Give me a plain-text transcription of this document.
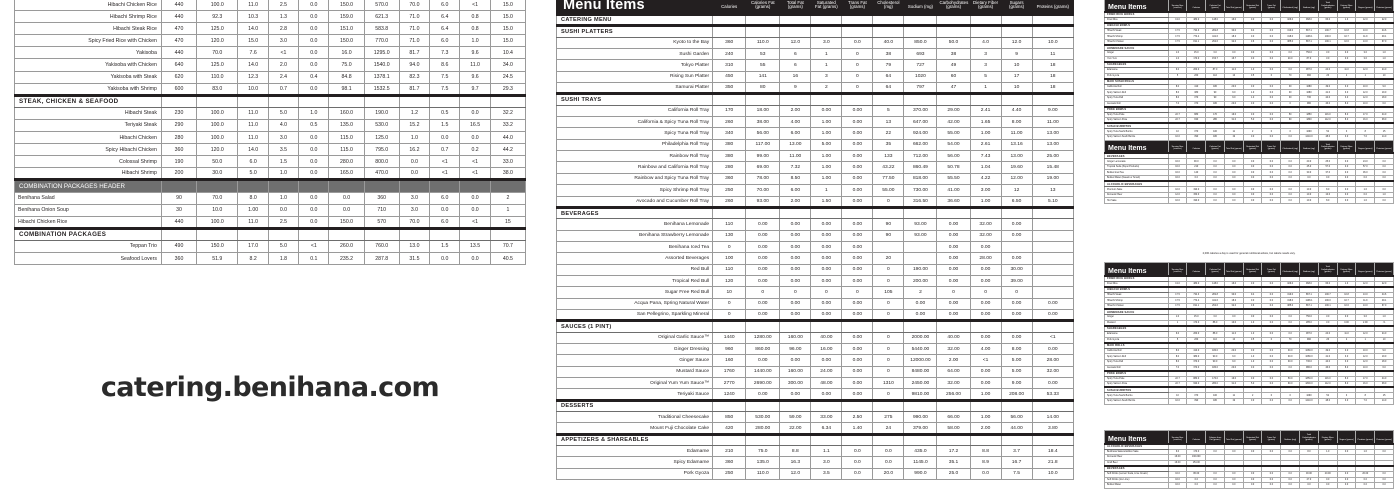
Hibachi Chicken Rice	440	100.0	11.0	2.5	0.0	150.0	570.0	70.0	6.0	<1	15.0
Hibachi Shrimp Rice	440	92.3	10.3	1.3	0.0	159.0	621.3	71.0	6.4	0.8	15.0
Hibachi Steak Rice	470	125.0	14.0	2.8	0.0	151.0	583.8	71.0	6.4	0.8	15.0
Spicy Fried Rice with Chicken	470	120.0	15.0	3.0	0.0	150.0	770.0	71.0	6.0	1.0	15.0
Yakisoba	440	70.0	7.6	<1	0.0	16.0	1295.0	81.7	7.3	9.6	10.4
Yakisoba with Chicken	640	125.0	14.0	2.0	0.0	75.0	1540.0	94.0	8.6	11.0	34.0
Yakisoba with Steak	620	110.0	12.3	2.4	0.4	84.8	1378.1	82.3	7.5	9.6	24.5
Yakisoba with Shrimp	600	83.0	10.0	0.7	0.0	98.1	1532.5	81.7	7.5	9.7	29.3
STEAK, CHICKEN & SEAFOOD											
Hibachi Steak	230	100.0	11.0	5.0	1.0	160.0	190.0	1.2	0.5	0.0	32.2
Teriyaki Steak	290	100.0	11.0	4.0	0.5	135.0	530.0	15.2	1.5	16.5	33.2
Hibachi Chicken	280	100.0	11.0	3.0	0.0	115.0	125.0	1.0	0.0	0.0	44.0
Spicy Hibachi Chicken	360	120.0	14.0	3.5	0.0	115.0	795.0	16.2	0.7	0.2	44.2
Colossal Shrimp	190	50.0	6.0	1.5	0.0	280.0	800.0	0.0	<1	<1	33.0
Hibachi Shrimp	200	30.0	5.0	1.0	0.0	165.0	470.0	0.0	<1	<1	38.0
COMBINATION PACKAGES HEADER											
Benihana Salad	90	70.0	8.0	1.0	0.0	0.0	360	3.0	6.0	0.0	2
Benihana Onion Soup	30	10.0	1.00	0.0	0.0	0.0	710	3.0	0.0	0.0	1
Hibachi Chicken Rice	440	100.0	11.0	2.5	0.0	150.0	570	70.0	6.0	<1	15
COMBINATION PACKAGES											
Teppan Trio	490	150.0	17.0	5.0	<1	260.0	760.0	13.0	1.5	13.5	70.7
Seafood Lovers	360	51.9	8.2	1.8	0.1	235.2	287.8	31.5	0.0	0.0	40.5
Menu Items	Calories	Calories Fat (grams)	Total Fat (grams)	Saturated Fat (grams)	Trans Fat (grams)	Cholesterol (mg)	Sodium (mg)	Carbohydrates (grams)	Dietary Fiber (grams)	Sugars (grams)	Proteins (grams)
CATERING MENU											
SUSHI PLATTERS											
Kyoto to the Bay	360	110.0	12.0	3.0	0.0	40.0	850.0	50.0	4.0	12.0	10.0
Sushi Garden	240	53	6	1	0	38	693	38	3	9	11
Tokyo Platter	310	55	6	1	0	79	727	49	3	10	18
Rising Sun Platter	450	141	16	3	0	64	1020	60	5	17	18
Samurai Platter	350	80	9	2	0	64	797	47	1	10	18
SUSHI TRAYS											
California Roll Tray	170	18.00	2.00	0.00	0.00	5	370.00	29.00	2.41	4.40	9.00
California & Spicy Tuna Roll Tray	260	38.00	4.00	1.00	0.00	13	647.00	42.00	1.65	8.00	11.00
Spicy Tuna Roll Tray	340	56.00	6.00	1.00	0.00	22	924.00	55.00	1.00	11.00	13.00
Philadelphia Roll Tray	380	117.00	13.00	5.00	0.00	35	662.00	54.00	2.61	13.16	13.00
Rainbow Roll Tray	380	99.00	11.00	1.00	0.00	133	712.00	56.00	7.43	13.00	25.00
Rainbow and California Roll Tray	280	69.00	7.32	1.00	0.00	43.22	860.49	50.78	1.04	19.60	15.48
Rainbow and Spicy Tuna Roll Tray	360	78.00	8.50	1.00	0.00	77.50	818.00	55.50	4.22	12.00	19.00
Spicy Shrimp Roll Tray	250	70.00	6.00	1	0.00	55.00	730.00	41.00	3.00	12	13
Avocado and Cucumber Roll Tray	260	93.00	2.00	1.50	0.00	0	316.50	36.60	1.00	6.50	5.10
BEVERAGES											
Benihana Lemonade	110	0.00	0.00	0.00	0.00	90	93.00	0.00	32.00	0.00	
Benihana Strawberry Lemonade	130	0.00	0.00	0.00	0.00	90	93.00	0.00	32.00	0.00	
Benihana Iced Tea	0	0.00	0.00	0.00	0.00			0.00	0.00		
Assorted Beverages	100	0.00	0.00	0.00	0.00	20		0.00	28.00	0.00	
Red Bull	110	0.00	0.00	0.00	0.00	0	190.00	0.00	0.00	30.00	
Tropical Red Bull	120	0.00	0.00	0.00	0.00	0	200.00	0.00	0.00	39.00	
Sugar Free Red Bull	10	0	0	0	0	105	2	0	0	0	
Acqua Pana, Spring Natural Water	0	0.00	0.00	0.00	0.00	0	0.00	0.00	0.00	0.00	0.00
San Pellegrino, Sparkling Mineral	0	0.00	0.00	0.00	0.00	0	0.00	0.00	0.00	0.00	0.00
SAUCES (1 PINT)											
Original Garlic Sauce™	1440	1280.00	160.00	40.00	0.00	0	2000.00	40.00	0.00	0.00	<1
Ginger Dressing	960	860.00	96.00	16.00	0.00	0	5440.00	32.00	4.00	8.00	0.00
Ginger Sauce	160	0.00	0.00	0.00	0.00	0	12000.00	2.00	<1	5.00	28.00
Mustard Sauce	1760	1440.00	160.00	24.00	0.00	0	8480.00	64.00	0.00	5.00	32.00
Original Yum Yum Sauce™	2770	2690.00	300.00	48.00	0.00	1310	2450.00	32.00	0.00	9.00	0.00
Teriyaki Sauce	1240	0.00	0.00	0.00	0.00	0	9810.00	256.00	1.00	208.00	53.33
DESSERTS											
Traditional Cheesecake	850	530.00	59.00	33.00	2.50	275	990.00	66.00	1.00	56.00	14.00
Mount Fuji Chocolate Cake	420	280.00	22.00	6.34	1.40	24	379.00	58.00	2.00	44.00	3.80
APPETIZERS & SHAREABLES											
Edamame	210	75.0	8.8	1.1	0.0	0.0	435.0	17.2	8.8	3.7	18.4
Spicy Edamame	360	135.0	16.3	3.0	0.0	0.0	1145.0	35.1	8.9	16.7	21.8
Pork Gyoza	250	110.0	12.0	3.5	0.0	20.0	990.0	25.0	0.0	7.5	10.0
catering.benihana.com
Menu Items	Serving Size (ounces)	Calories	Calories Fat (grams)	Total Fat (grams)	Saturated Fat (grams)	Trans Fat (grams)	Cholesterol (mg)	Sodium (mg)	Total Carbohydrates (grams)	Dietary Fiber (grams)	Sugars (grams)	Proteins (grams)
FRIED RICE BOWLS												
Fried Rice	13.0	480.0	148.0	16.0	3.0	0.0	326.0	968.0	66.0	1.3	12.0	22.0
HIBACHI BOWLS												
Hibachi Steak	17.5	734.3	282.8	30.0	9.4	0.0	319.0	867.1	100.7	10.8	13.0	44.6
Hibachi Shrimp	17.5	774.4	441.6	18.3	3.0	0.0	318.0	1138.1	100.0	10.7	11.9	49.1
Hibachi Chicken	17.5	811.1	262.6	32.0	3.6	0.0	385.0	867.1	100.1	10.6	13.0	67.0
HOMEMADE SAUCE												
Ginger	1.0	15.0	3.0	0.0	0.0	0.0	0.0	750.0	3.0	0.0	3.0	1.0
Yum Yum	1.0	170.0	153.7	16.7	3.0	0.0	20.0	87.0	3.0	0.0	3.0	1.0
SHAREABLES												
Edamame	6.0	260.0	87.0	11.0	1.0	0.0	0.0	387.0	24.0	11.0	12.0	24.0
Pork Gyoza	5	260	110	13	3.5	0	70	990	26	2	1	10
MAKI SUSHI ROLLS												
California Roll	8.0	410	180	20.0	3.0	0.0	30	1080	49.0	3.0	10.0	9.0
Spicy Salmon Roll	8.0	380	90	9.0	1.0	0.0	30	1080	41.0	3.0	12.0	19.0
Spicy Tuna Roll	8.0	370	90	9.0	1.0	0.0	30	730	44.0	3.0	12.0	18.0
Avocado Roll	7.0	370	180	20.0	3.0	0.0	0	980	46.0	8.0	10.0	6.0
POKE BOWLS												
Spicy Tuna Poke	22.7	880	170	19.0	3.0	0.0	50	1850	116.0	8.0	17.0	44.0
Spicy Salmon Poke	22.7	930	280	31.0	5.0	0.0	60	1830	112.0	8.0	16.0	38.0
SUSHI BURRITOS												
Spicy Tuna Sushi Burrito	10	370	100	11	2	0	0	1090	52	3	8	15
Spicy Salmon Sushi Burrito	10.0	390	180	19	3.0	0.0	0.0	1210.0	48.0	3.0	7.0	14.0
Menu Items	Serving Size (ounces)	Calories	Calories Fat (grams)	Total Fat (grams)	Saturated Fat (grams)	Trans Fat (grams)	Cholesterol (mg)	Sodium (mg)	Total Carbohydrates (grams)	Dietary Fiber (grams)	Sugars (grams)	Proteins (grams)
BEVERAGES												
Ginger Lemonade	16.0	90.0	0.0	0.0	0.0	0.0	0.0	20.0	25.0	0.0	24.0	0.0
Tropical Soda (Pepsi Products)	16.0	210	0.0	0.0	0.0	0.0	0.0	45.0	57.0	0.0	57.0	0.0
Bottled Iced Tea	16.0	140	0.0	0.0	0.0	0.0	0.0	30.0	37.0	0.0	36.0	0.0
Bottled Water (Dasani or Smart)	16.0	0.0	0.0	0.0	0.0	0.0	0.0	0.0	0.0	0.0	0.0	0.0
ALCOHOLIC BEVERAGES												
Premium Sake	10.0	190.0	0.0	0.0	0.0	0.0	0.0	10.0	8.0	0.0	1.0	0.0
Domestic Beer	12.0	150.0	0.0	0.0	0.0	0.0	0.0	10.0	13.0	0.0	0.0	1.0
Hot Sake	10.0	190.0	0.0	0.0	0.0	0.0	0.0	10.0	8.0	0.0	1.0	0.0
2,000 calories a day is used for general nutritional advice, but calorie needs vary.
Menu Items	Serving Size (ounces)	Calories	Calories Fat (grams)	Total Fat (grams)	Saturated Fat (grams)	Trans Fat (grams)	Cholesterol (mg)	Sodium (mg)	Total Carbohydrates (grams)	Dietary Fiber (grams)	Sugars (grams)	Proteins (grams)
FRIED RICE BOWLS												
Fried Rice	13.0	480.0	148.0	16.0	3.0	0.0	326.0	968.0	66.0	1.3	12.0	22.0
HIBACHI BOWLS												
Hibachi Steak	17.5	734.3	282.8	30.0	9.4	0.0	319.0	867.1	100.7	10.8	13.0	44.6
Hibachi Shrimp	17.5	774.4	441.6	18.3	3.0	0.0	318.0	1138.1	100.0	10.7	11.9	49.1
Hibachi Chicken	17.5	811.1	262.6	32.0	3.6	0.0	385.0	867.1	100.1	10.6	13.0	67.0
HOMEMADE SAUCE												
Ginger	1.0	15.0	3.0	0.0	0.0	0.0	0.0	750.0	3.0	0.0	3.0	1.0
Mustard	1	170.0	88.0	10.0	1.0	0.0	0.0	285.0	3.0	0.00	2.00	<1
SHAREABLES												
Edamame	6.0	260.0	88.0	11.0	1.0	0.0	0.0	387.0	24.0	11.0	12.0	24.0
Pork Gyoza	5	260	110	13	3.5	0	70	990	26	2	1	10
MAKI ROLLS												
California Roll	8.0	410.0	180.0	20.0	3.0	0.0	30.0	1080.0	49.0	3.0	10.0	9.0
Spicy Salmon Roll	8.0	380.0	90.0	9.0	1.0	0.0	30.0	1080.0	41.0	3.0	12.0	19.0
Spicy Tuna Roll	8.0	370.0	90.0	9.0	1.0	0.0	30.0	730.0	44.0	3.0	12.0	18.0
Avocado Roll	7.0	370.0	180.0	20.0	3.0	0.0	0.0	980.0	46.0	8.0	10.0	6.0
POKE BOWLS												
Spicy Tuna Poke	22.7	880.0	170.0	19.0	3.0	0.0	50.0	1850.0	116.0	8.0	17.0	44.0
Spicy Salmon Poke	22.7	930.0	280.0	31.0	5.0	0.0	60.0	1830.0	112.0	8.0	16.0	38.0
SUSHI BURRITOS												
Spicy Tuna Sushi Burrito	10	370	100	11	2	0	0	1090	52	3	8	15
Spicy Salmon Sushi Burrito	10.0	390	180	19	3.0	0.0	0.0	1210.0	48.0	3.0	7.0	14.0
Menu Items	Serving Size (ounces)	Calories	Calories from Fat (grams)	Total Fat (grams)	Saturated Fat (grams)	Trans Fat (grams)	Sodium (mg)	Total Carbohydrates (grams)	Dietary Fiber (grams)	Sugars (grams)	Proteins (grams)	Proteins (grams)
ALCOHOLIC BEVERAGES												
Benihana Sakura Edition Sake	6.0	170.0	0.0	0.0	0.0	0.0	0.0	8.0	1.0	0.0	1.0	0.0
Domestic Beer	16.00	160.000										
Craft Beer	16.00	154.00										
BEVERAGES												
Soft Drinks (Lemon Soda, Lime Cream)	16.0	80.00	0.0	0.0	0.0	0.0	0.0	30.00	20.00	0.0	20.00	0.0
Soft Drinks (Ice Lime)	16.0	0.0	0.0	0.0	0.0	0.0	0.0	27.0	0.0	0.0	0.0	0.0
Bottled Water	16.0	0.0	0.0	0.0	0.0	0.0	0.0	0.0	0.0	0.0	0.0	0.0
